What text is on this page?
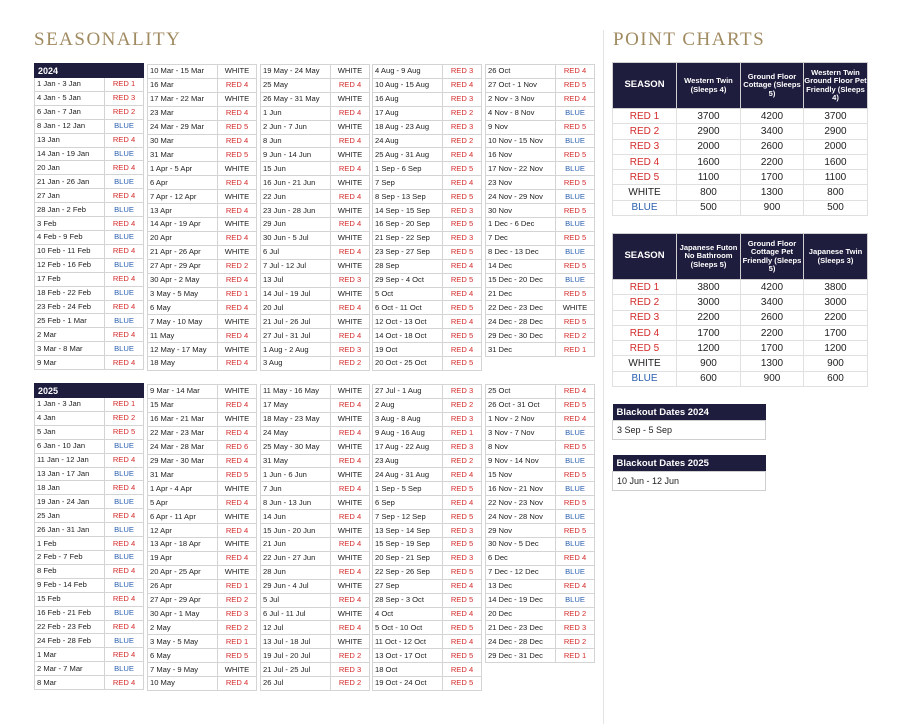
SEASONALITY	POINT CHARTS
2024	
1 Jan - 3 Jan	RED 1
4 Jan - 5 Jan	RED 3
6 Jan - 7 Jan	RED 2
8 Jan - 12 Jan	BLUE
13 Jan	RED 4
14 Jan - 19 Jan	BLUE
20 Jan	RED 4
21 Jan - 26 Jan	BLUE
27 Jan	RED 4
28 Jan - 2 Feb	BLUE
3 Feb	RED 4
4 Feb - 9 Feb	BLUE
10 Feb - 11 Feb	RED 4
12 Feb - 16 Feb	BLUE
17 Feb	RED 4
18 Feb - 22 Feb	BLUE
23 Feb - 24 Feb	RED 4
25 Feb - 1 Mar	BLUE
2 Mar	RED 4
3 Mar - 8 Mar	BLUE
9 Mar	RED 4
10 Mar - 15 Mar	WHITE
16 Mar	RED 4
17 Mar - 22 Mar	WHITE
23 Mar	RED 4
24 Mar - 29 Mar	RED 5
30 Mar	RED 4
31 Mar	RED 5
1 Apr - 5 Apr	WHITE
6 Apr	RED 4
7 Apr - 12 Apr	WHITE
13 Apr	RED 4
14 Apr - 19 Apr	WHITE
20 Apr	RED 4
21 Apr - 26 Apr	WHITE
27 Apr - 29 Apr	RED 2
30 Apr - 2 May	RED 4
3 May - 5 May	RED 1
6 May	RED 4
7 May - 10 May	WHITE
11 May	RED 4
12 May - 17 May	WHITE
18 May	RED 4
19 May - 24 May	WHITE
25 May	RED 4
26 May - 31 May	WHITE
1 Jun	RED 4
2 Jun - 7 Jun	WHITE
8 Jun	RED 4
9 Jun - 14 Jun	WHITE
15 Jun	RED 4
16 Jun - 21 Jun	WHITE
22 Jun	RED 4
23 Jun - 28 Jun	WHITE
29 Jun	RED 4
30 Jun - 5 Jul	WHITE
6 Jul	RED 4
7 Jul - 12 Jul	WHITE
13 Jul	RED 3
14 Jul - 19 Jul	WHITE
20 Jul	RED 4
21 Jul - 26 Jul	WHITE
27 Jul - 31 Jul	RED 4
1 Aug - 2 Aug	RED 3
3 Aug	RED 2
4 Aug - 9 Aug	RED 3
10 Aug - 15 Aug	RED 4
16 Aug	RED 3
17 Aug	RED 2
18 Aug - 23 Aug	RED 3
24 Aug	RED 2
25 Aug - 31 Aug	RED 4
1 Sep - 6 Sep	RED 5
7 Sep	RED 4
8 Sep - 13 Sep	RED 5
14 Sep - 15 Sep	RED 3
16 Sep - 20 Sep	RED 5
21 Sep - 22 Sep	RED 3
23 Sep - 27 Sep	RED 5
28 Sep	RED 4
29 Sep - 4 Oct	RED 5
5 Oct	RED 4
6 Oct - 11 Oct	RED 5
12 Oct - 13 Oct	RED 4
14 Oct - 18 Oct	RED 5
19 Oct	RED 4
20 Oct - 25 Oct	RED 5
26 Oct	RED 4
27 Oct - 1 Nov	RED 5
2 Nov - 3 Nov	RED 4
4 Nov - 8 Nov	BLUE
9 Nov	RED 5
10 Nov - 15 Nov	BLUE
16 Nov	RED 5
17 Nov - 22 Nov	BLUE
23 Nov	RED 5
24 Nov - 29 Nov	BLUE
30 Nov	RED 5
1 Dec - 6 Dec	BLUE
7 Dec	RED 5
8 Dec - 13 Dec	BLUE
14 Dec	RED 5
15 Dec - 20 Dec	BLUE
21 Dec	RED 5
22 Dec - 23 Dec	WHITE
24 Dec - 28 Dec	RED 5
29 Dec - 30 Dec	RED 2
31 Dec	RED 1
2025	
1 Jan - 3 Jan	RED 1
4 Jan	RED 2
5 Jan	RED 5
6 Jan - 10 Jan	BLUE
11 Jan - 12 Jan	RED 4
13 Jan - 17 Jan	BLUE
18 Jan	RED 4
19 Jan - 24 Jan	BLUE
25 Jan	RED 4
26 Jan - 31 Jan	BLUE
1 Feb	RED 4
2 Feb - 7 Feb	BLUE
8 Feb	RED 4
9 Feb - 14 Feb	BLUE
15 Feb	RED 4
16 Feb - 21 Feb	BLUE
22 Feb - 23 Feb	RED 4
24 Feb - 28 Feb	BLUE
1 Mar	RED 4
2 Mar - 7 Mar	BLUE
8 Mar	RED 4
9 Mar - 14 Mar	WHITE
15 Mar	RED 4
16 Mar - 21 Mar	WHITE
22 Mar - 23 Mar	RED 4
24 Mar - 28 Mar	RED 6
29 Mar - 30 Mar	RED 4
31 Mar	RED 5
1 Apr - 4 Apr	WHITE
5 Apr	RED 4
6 Apr - 11 Apr	WHITE
12 Apr	RED 4
13 Apr - 18 Apr	WHITE
19 Apr	RED 4
20 Apr - 25 Apr	WHITE
26 Apr	RED 1
27 Apr - 29 Apr	RED 2
30 Apr - 1 May	RED 3
2 May	RED 2
3 May - 5 May	RED 1
6 May	RED 5
7 May - 9 May	WHITE
10 May	RED 4
11 May - 16 May	WHITE
17 May	RED 4
18 May - 23 May	WHITE
24 May	RED 4
25 May - 30 May	WHITE
31 May	RED 4
1 Jun - 6 Jun	WHITE
7 Jun	RED 4
8 Jun - 13 Jun	WHITE
14 Jun	RED 4
15 Jun - 20 Jun	WHITE
21 Jun	RED 4
22 Jun - 27 Jun	WHITE
28 Jun	RED 4
29 Jun - 4 Jul	WHITE
5 Jul	RED 4
6 Jul - 11 Jul	WHITE
12 Jul	RED 4
13 Jul - 18 Jul	WHITE
19 Jul - 20 Jul	RED 2
21 Jul - 25 Jul	RED 3
26 Jul	RED 2
27 Jul - 1 Aug	RED 3
2 Aug	RED 2
3 Aug - 8 Aug	RED 3
9 Aug - 16 Aug	RED 1
17 Aug - 22 Aug	RED 3
23 Aug	RED 2
24 Aug - 31 Aug	RED 4
1 Sep - 5 Sep	RED 5
6 Sep	RED 4
7 Sep - 12 Sep	RED 5
13 Sep - 14 Sep	RED 3
15 Sep - 19 Sep	RED 5
20 Sep - 21 Sep	RED 3
22 Sep - 26 Sep	RED 5
27 Sep	RED 4
28 Sep - 3 Oct	RED 5
4 Oct	RED 4
5 Oct - 10 Oct	RED 5
11 Oct - 12 Oct	RED 4
13 Oct - 17 Oct	RED 5
18 Oct	RED 4
19 Oct - 24 Oct	RED 5
25 Oct	RED 4
26 Oct - 31 Oct	RED 5
1 Nov - 2 Nov	RED 4
3 Nov - 7 Nov	BLUE
8 Nov	RED 5
9 Nov - 14 Nov	BLUE
15 Nov	RED 5
16 Nov - 21 Nov	BLUE
22 Nov - 23 Nov	RED 5
24 Nov - 28 Nov	BLUE
29 Nov	RED 5
30 Nov - 5 Dec	BLUE
6 Dec	RED 4
7 Dec - 12 Dec	BLUE
13 Dec	RED 4
14 Dec - 19 Dec	BLUE
20 Dec	RED 2
21 Dec - 23 Dec	RED 3
24 Dec - 28 Dec	RED 2
29 Dec - 31 Dec	RED 1
SEASON	Western Twin (Sleeps 4)	Ground Floor Cottage (Sleeps 5)	Western Twin Ground Floor Pet Friendly (Sleeps 4)
RED 1	3700	4200	3700
RED 2	2900	3400	2900
RED 3	2000	2600	2000
RED 4	1600	2200	1600
RED 5	1100	1700	1100
WHITE	800	1300	800
BLUE	500	900	500
SEASON	Japanese Futon No Bathroom (Sleeps 5)	Ground Floor Cottage Pet Friendly (Sleeps 5)	Japanese Twin (Sleeps 3)
RED 1	3800	4200	3800
RED 2	3000	3400	3000
RED 3	2200	2600	2200
RED 4	1700	2200	1700
RED 5	1200	1700	1200
WHITE	900	1300	900
BLUE	600	900	600
Blackout Dates 2024
3 Sep - 5 Sep
Blackout Dates 2025
10 Jun - 12 Jun
